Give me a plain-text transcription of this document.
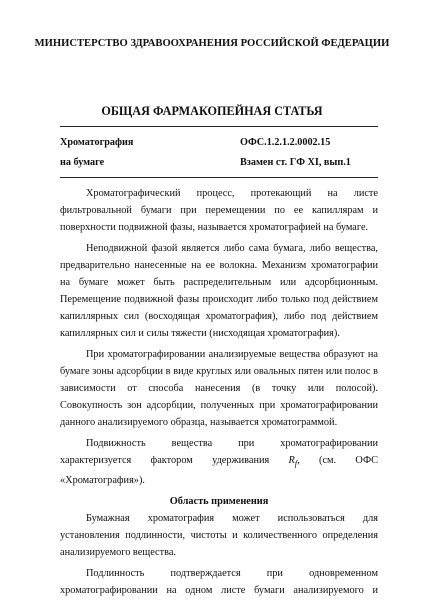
МИНИСТЕРСТВО ЗДРАВООХРАНЕНИЯ РОССИЙСКОЙ ФЕДЕРАЦИИ
ОБЩАЯ ФАРМАКОПЕЙНАЯ СТАТЬЯ
Хроматография	ОФС.1.2.1.2.0002.15
на бумаге	Взамен ст. ГФ XI, вып.1

Хроматографический процесс, протекающий на листе фильтровальной бумаги при перемещении по ее капиллярам и поверхности подвижной фазы, называется хроматографией на бумаге.

Неподвижной фазой является либо сама бумага, либо вещества, предварительно нанесенные на ее волокна. Механизм хроматографии на бумаге может быть распределительным или адсорбционным. Перемещение подвижной фазы происходит либо только под действием капиллярных сил (восходящая хроматография), либо под действием капиллярных сил и силы тяжести (нисходящая хроматография).

При хроматографировании анализируемые вещества образуют на бумаге зоны адсорбции в виде круглых или овальных пятен или полос в зависимости от способа нанесения (в точку или полосой). Совокупность зон адсорбции, полученных при хроматографировании данного анализируемого образца, называется хроматограммой.

Подвижность вещества при хроматографировании характеризуется фактором удерживания $R_f$, (см. ОФС «Хроматография»).

Область применения

Бумажная хроматография может использоваться для установления подлинности, чистоты и количественного определения анализируемого вещества.

Подлинность подтверждается при одновременном

хроматографировании на одном листе бумаги анализируемого и
